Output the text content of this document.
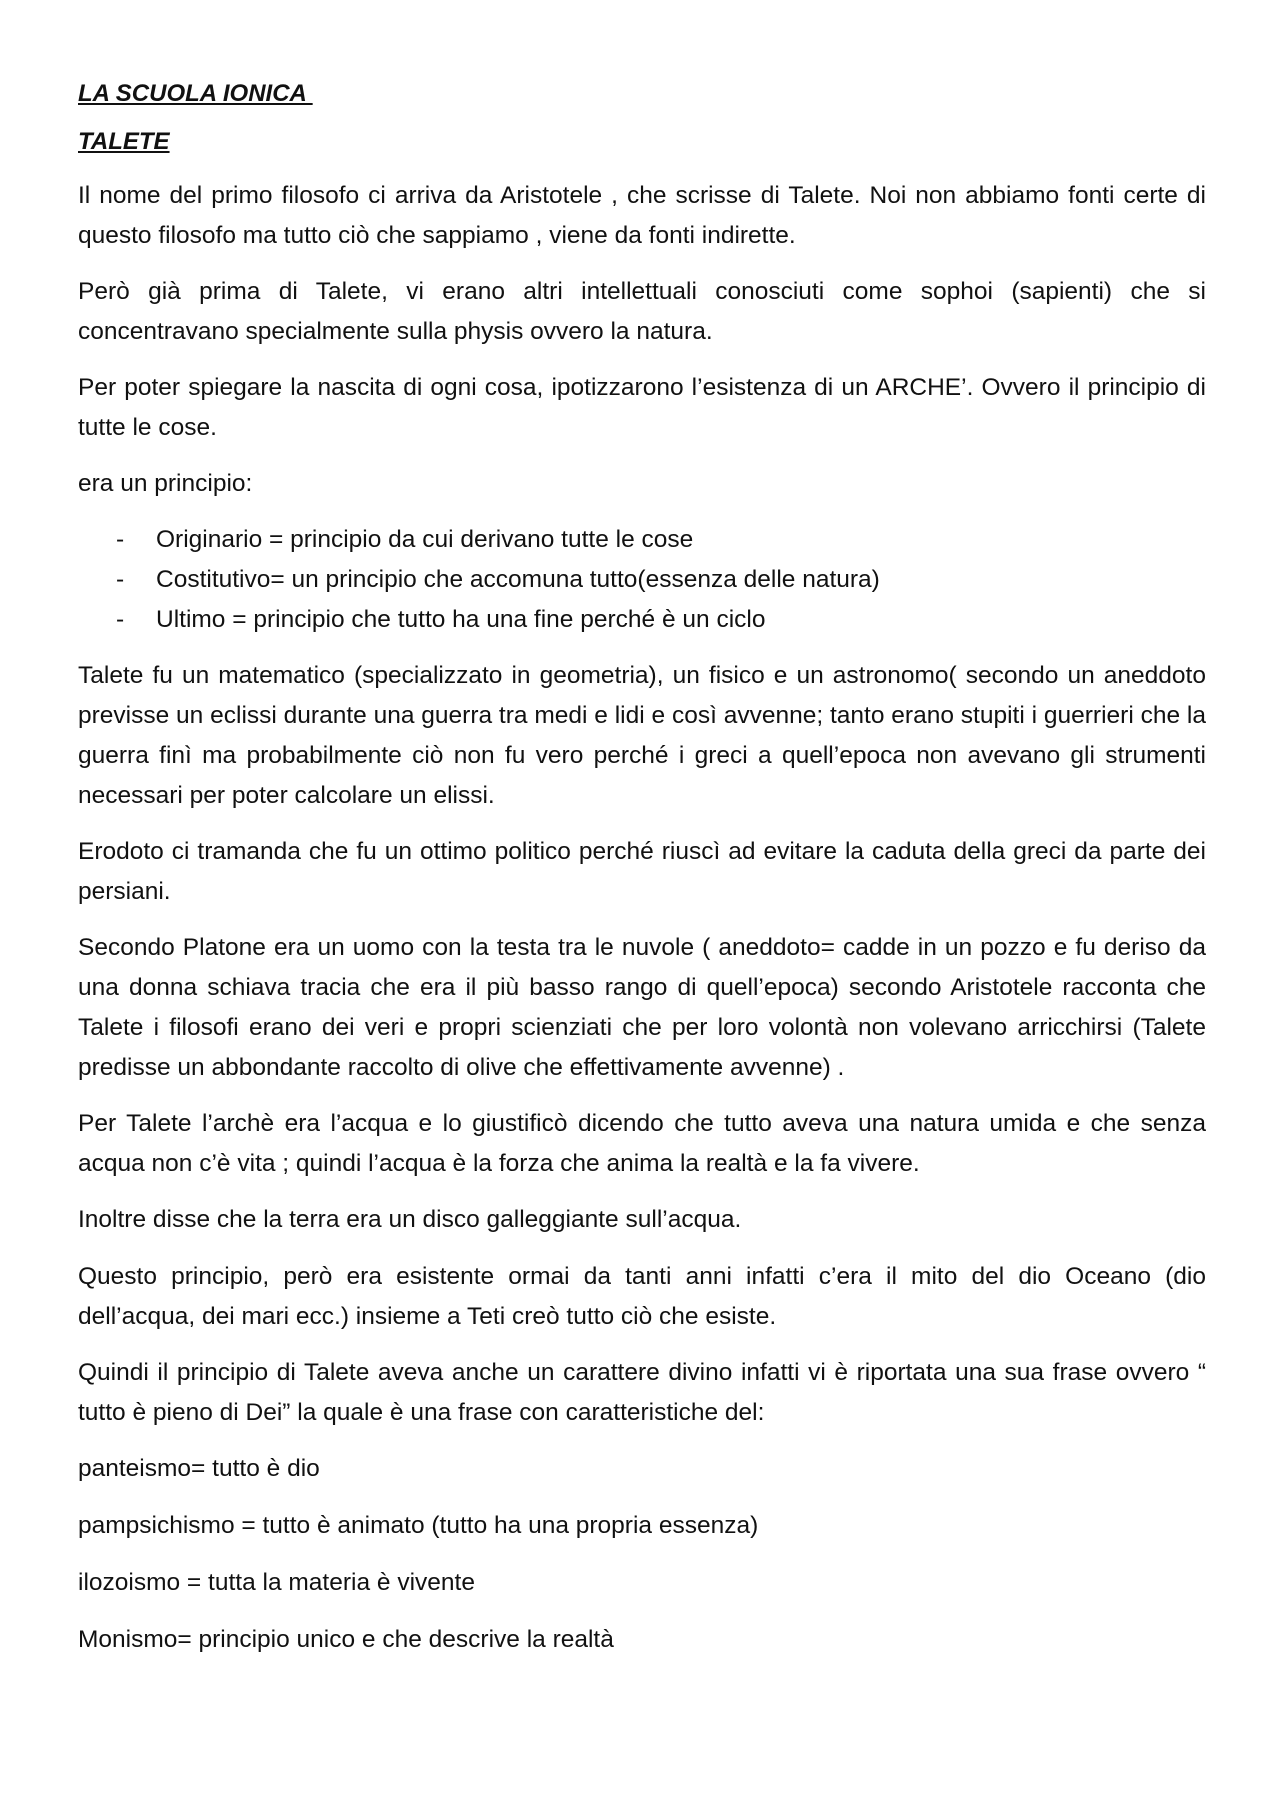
LA SCUOLA IONICA
TALETE

Il nome del primo filosofo ci arriva da Aristotele , che scrisse di Talete. Noi non abbiamo fonti certe di questo filosofo ma tutto ciò che sappiamo , viene da fonti indirette.

Però già prima di Talete, vi erano altri intellettuali conosciuti come sophoi (sapienti) che si concentravano specialmente sulla physis ovvero la natura.

Per poter spiegare la nascita di ogni cosa, ipotizzarono l’esistenza di un ARCHE’. Ovvero il principio di tutte le cose.

era un principio:

- Originario = principio da cui derivano tutte le cose
- Costitutivo= un principio che accomuna tutto(essenza delle natura)
- Ultimo = principio che tutto ha una fine perché è un ciclo

Talete fu un matematico (specializzato in geometria), un fisico e un astronomo( secondo un aneddoto previsse un eclissi durante una guerra tra medi e lidi e così avvenne; tanto erano stupiti i guerrieri che la guerra finì ma probabilmente ciò non fu vero perché i greci a quell’epoca non avevano gli strumenti necessari per poter calcolare un elissi.

Erodoto ci tramanda che fu un ottimo politico perché riuscì ad evitare la caduta della greci da parte dei persiani.

Secondo Platone era un uomo con la testa tra le nuvole ( aneddoto= cadde in un pozzo e fu deriso da una donna schiava tracia che era il più basso rango di quell’epoca) secondo Aristotele racconta che Talete i filosofi erano dei veri e propri scienziati che per loro volontà non volevano arricchirsi (Talete predisse un abbondante raccolto di olive che effettivamente avvenne) .

Per Talete l’archè era l’acqua e lo giustificò dicendo che tutto aveva una natura umida e che senza acqua non c’è vita ; quindi l’acqua è la forza che anima la realtà e la fa vivere.

Inoltre disse che la terra era un disco galleggiante sull’acqua.

Questo principio, però era esistente ormai da tanti anni infatti c’era il mito del dio Oceano (dio dell’acqua, dei mari ecc.) insieme a Teti creò tutto ciò che esiste.

Quindi il principio di Talete aveva anche un carattere divino infatti vi è riportata una sua frase ovvero “ tutto è pieno di Dei” la quale è una frase con caratteristiche del:

panteismo= tutto è dio

pampsichismo = tutto è animato (tutto ha una propria essenza)

ilozoismo = tutta la materia è vivente

Monismo= principio unico e che descrive la realtà
